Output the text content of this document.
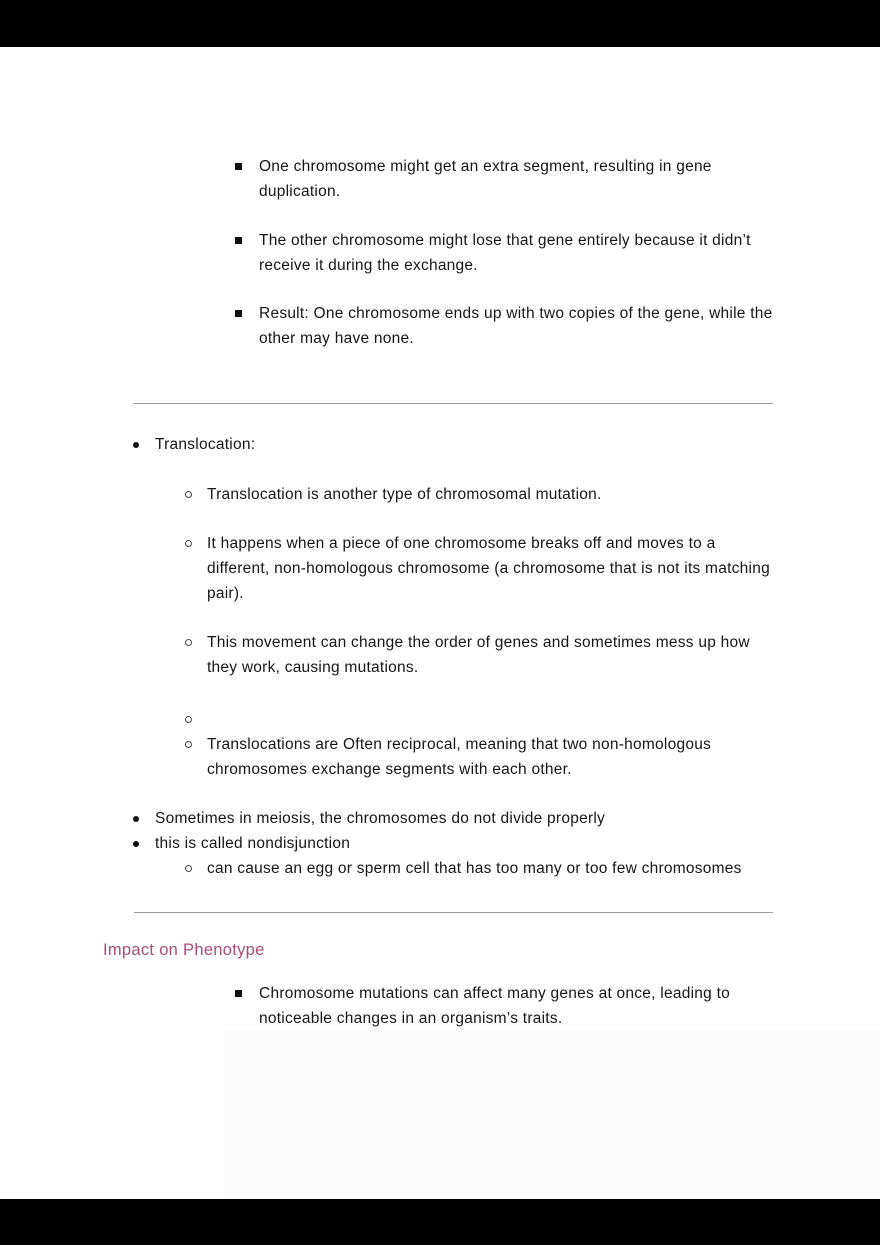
One chromosome might get an extra segment, resulting in gene duplication.
The other chromosome might lose that gene entirely because it didn’t receive it during the exchange.
Result: One chromosome ends up with two copies of the gene, while the other may have none.
Translocation:
Translocation is another type of chromosomal mutation.
It happens when a piece of one chromosome breaks off and moves to a different, non-homologous chromosome (a chromosome that is not its matching pair).
This movement can change the order of genes and sometimes mess up how they work, causing mutations.
Translocations are Often reciprocal, meaning that two non-homologous chromosomes exchange segments with each other.
Sometimes in meiosis, the chromosomes do not divide properly
this is called nondisjunction
can cause an egg or sperm cell that has too many or too few chromosomes
Impact on Phenotype
Chromosome mutations can affect many genes at once, leading to noticeable changes in an organism’s traits.
